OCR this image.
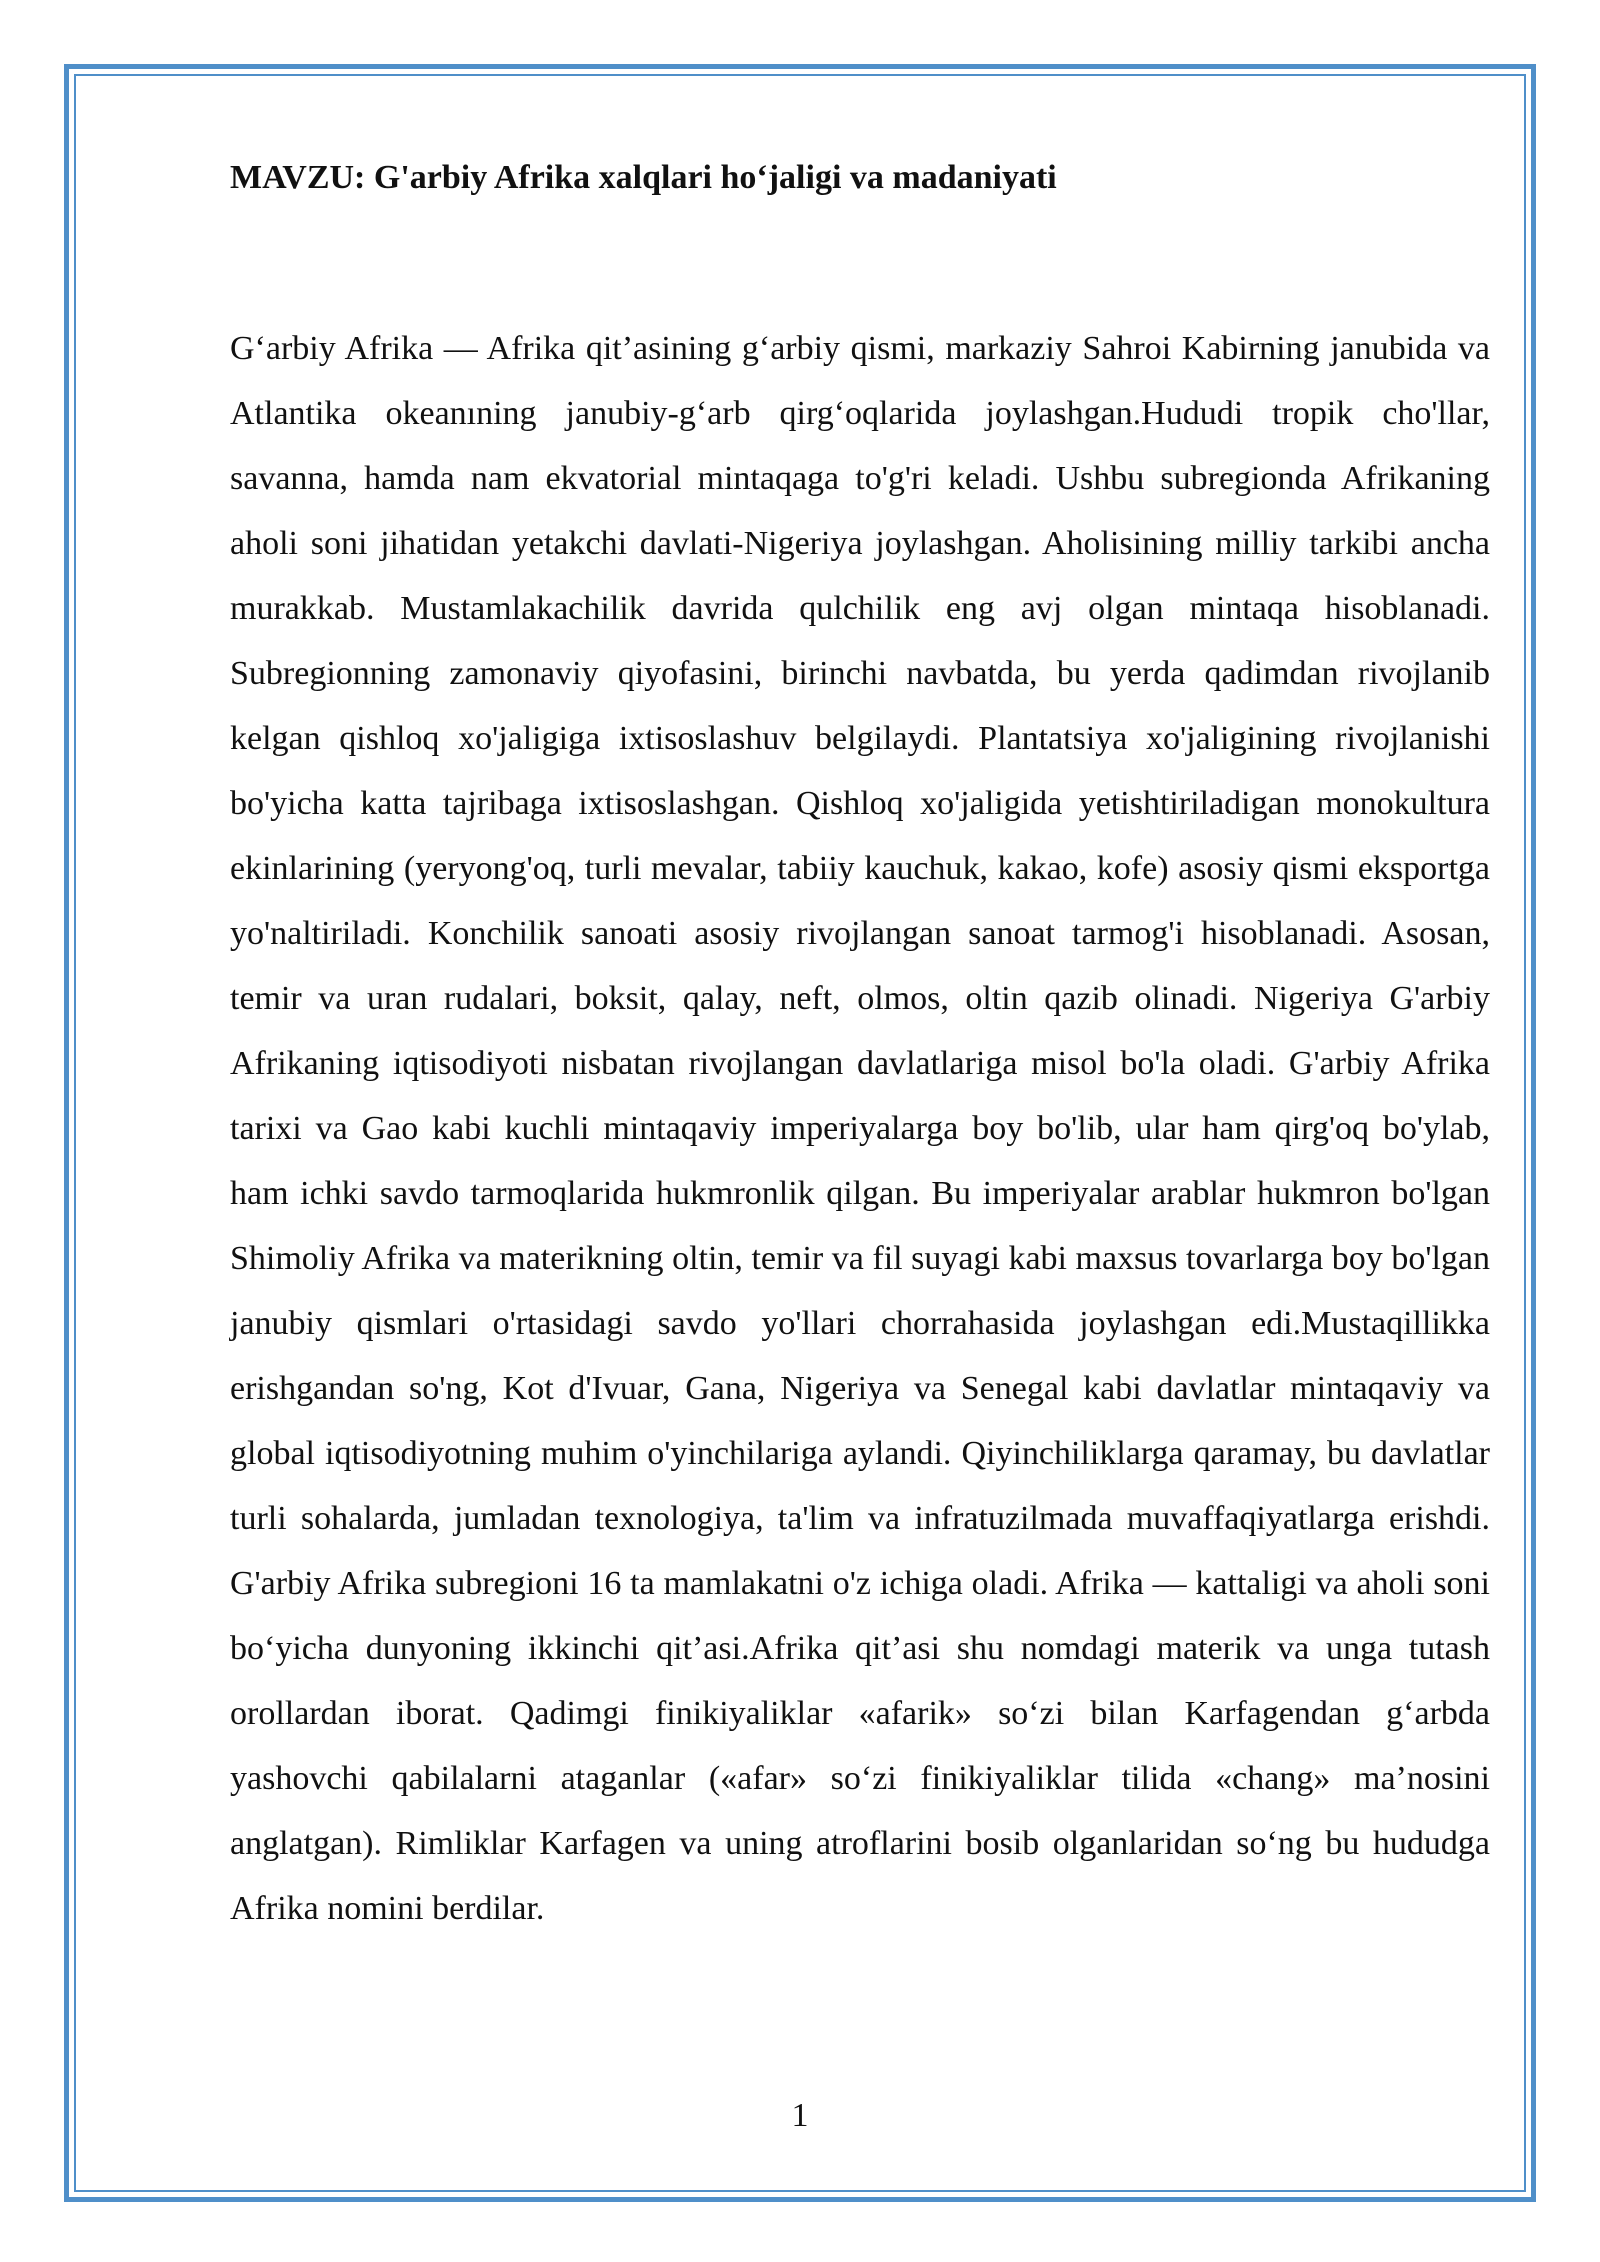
MAVZU: G'arbiy Afrika xalqlari ho‘jaligi va madaniyati

G‘arbiy Afrika — Afrika qit’asining g‘arbiy qismi, markaziy Sahroi Kabirning janubida va Atlantika okeanıning janubiy-g‘arb qirg‘oqlarida joylashgan.Hududi tropik cho'llar, savanna, hamda nam ekvatorial mintaqaga to'g'ri keladi. Ushbu subregionda Afrikaning aholi soni jihatidan yetakchi davlati-Nigeriya joylashgan. Aholisining milliy tarkibi ancha murakkab. Mustamlakachilik davrida qulchilik eng avj olgan mintaqa hisoblanadi. Subregionning zamonaviy qiyofasini, birinchi navbatda, bu yerda qadimdan rivojlanib kelgan qishloq xo'jaligiga ixtisoslashuv belgilaydi. Plantatsiya xo'jaligining rivojlanishi bo'yicha katta tajribaga ixtisoslashgan. Qishloq xo'jaligida yetishtiriladigan monokultura ekinlarining (yeryong'oq, turli mevalar, tabiiy kauchuk, kakao, kofe) asosiy qismi eksportga yo'naltiriladi. Konchilik sanoati asosiy rivojlangan sanoat tarmog'i hisoblanadi. Asosan, temir va uran rudalari, boksit, qalay, neft, olmos, oltin qazib olinadi. Nigeriya G'arbiy Afrikaning iqtisodiyoti nisbatan rivojlangan davlatlariga misol bo'la oladi. G'arbiy Afrika tarixi va Gao kabi kuchli mintaqaviy imperiyalarga boy bo'lib, ular ham qirg'oq bo'ylab, ham ichki savdo tarmoqlarida hukmronlik qilgan. Bu imperiyalar arablar hukmron bo'lgan Shimoliy Afrika va materikning oltin, temir va fil suyagi kabi maxsus tovarlarga boy bo'lgan janubiy qismlari o'rtasidagi savdo yo'llari chorrahasida joylashgan edi.Mustaqillikka erishgandan so'ng, Kot d'Ivuar, Gana, Nigeriya va Senegal kabi davlatlar mintaqaviy va global iqtisodiyotning muhim o'yinchilariga aylandi. Qiyinchiliklarga qaramay, bu davlatlar turli sohalarda, jumladan texnologiya, ta'lim va infratuzilmada muvaffaqiyatlarga erishdi. G'arbiy Afrika subregioni 16 ta mamlakatni o'z ichiga oladi. Afrika — kattaligi va aholi soni bo‘yicha dunyoning ikkinchi qit’asi.Afrika qit’asi shu nomdagi materik va unga tutash orollardan iborat. Qadimgi finikiyaliklar «afarik» so‘zi bilan Karfagendan g‘arbda yashovchi qabilalarni ataganlar («afar» so‘zi finikiyaliklar tilida «chang» ma’nosini anglatgan). Rimliklar Karfagen va uning atroflarini bosib olganlaridan so‘ng bu hududga Afrika nomini berdilar.

1
